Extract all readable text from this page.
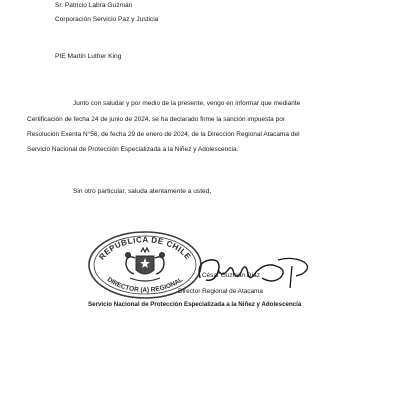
Sr. Patricio Labra Guzmán
Corporación Servicio Paz y Justicia
PIE Martin Luther King
Junto con saludar y por medio de la presente, vengo en informar que mediante
Certificación de fecha 24 de junio de 2024, se ha declarado firme la sanción impuesta por
Resolución Exenta N°56, de fecha 29 de enero de 2024, de la Dirección Regional Atacama del
Servicio Nacional de Protección Especializada a la Niñez y Adolescencia.
Sin otro particular, saluda atentamente a usted,
REPÚBLICA DE CHILE
DIRECTOR (A) REGIONAL
César Guzmán Díaz
Director Regional de Atacama
Servicio Nacional de Protección Especializada a la Niñez y Adolescencia
